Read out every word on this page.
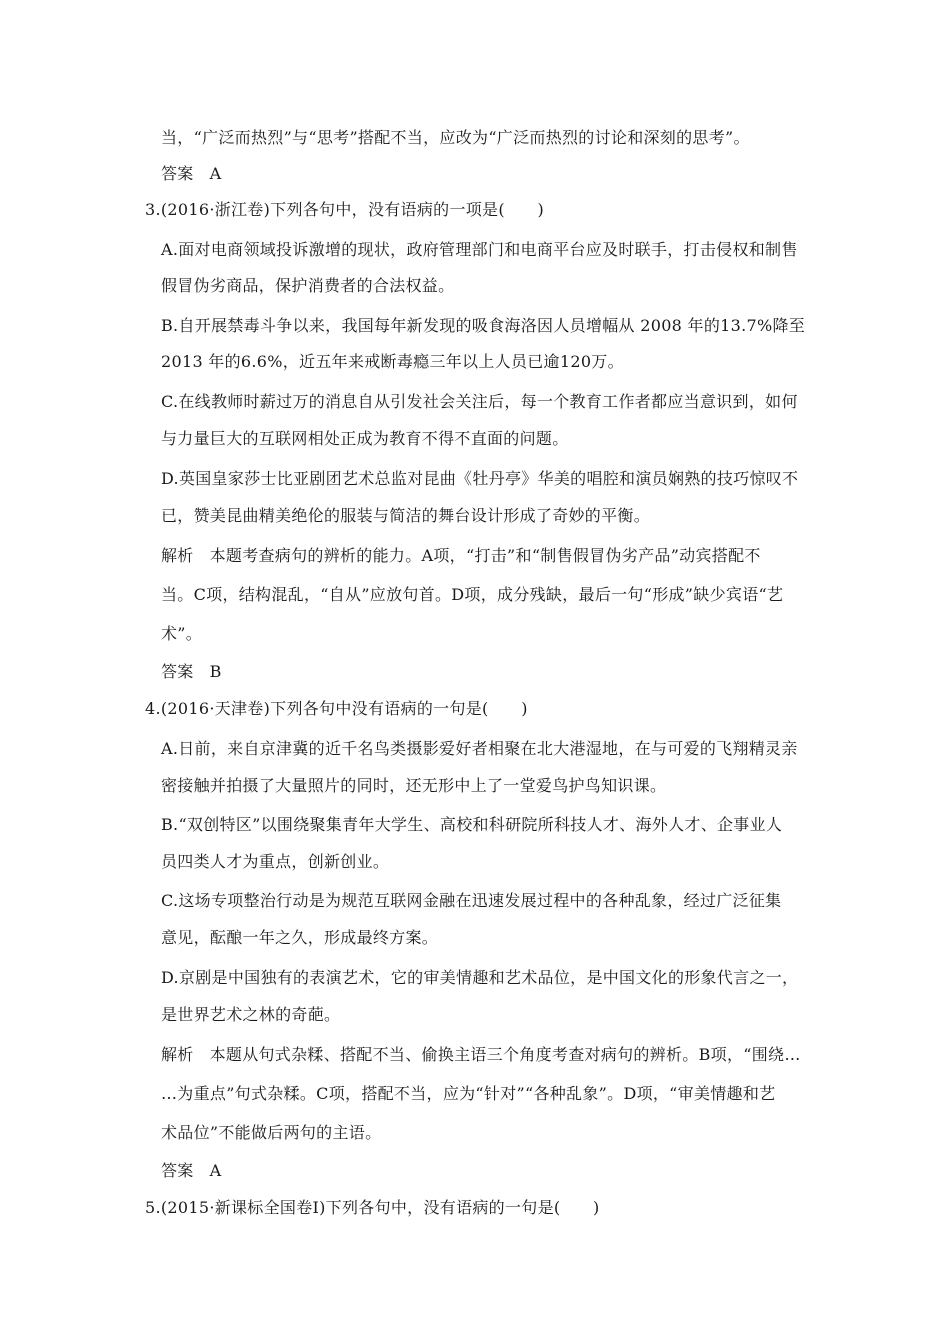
当，“广泛而热烈”与“思考”搭配不当，应改为“广泛而热烈的讨论和深刻的思考”。
答案 A
3.(2016·浙江卷)下列各句中，没有语病的一项是(　　)
A.面对电商领域投诉激增的现状，政府管理部门和电商平台应及时联手，打击侵权和制售
假冒伪劣商品，保护消费者的合法权益。
B.自开展禁毒斗争以来，我国每年新发现的吸食海洛因人员增幅从 2008 年的13.7%降至
2013 年的6.6%，近五年来戒断毒瘾三年以上人员已逾120万。
C.在线教师时薪过万的消息自从引发社会关注后，每一个教育工作者都应当意识到，如何
与力量巨大的互联网相处正成为教育不得不直面的问题。
D.英国皇家莎士比亚剧团艺术总监对昆曲《牡丹亭》华美的唱腔和演员娴熟的技巧惊叹不
已，赞美昆曲精美绝伦的服装与简洁的舞台设计形成了奇妙的平衡。
解析 本题考查病句的辨析的能力。A项，“打击”和“制售假冒伪劣产品”动宾搭配不
当。C项，结构混乱，“自从”应放句首。D项，成分残缺，最后一句“形成”缺少宾语“艺
术”。
答案 B
4.(2016·天津卷)下列各句中没有语病的一句是(　　)
A.日前，来自京津冀的近千名鸟类摄影爱好者相聚在北大港湿地，在与可爱的飞翔精灵亲
密接触并拍摄了大量照片的同时，还无形中上了一堂爱鸟护鸟知识课。
B.“双创特区”以围绕聚集青年大学生、高校和科研院所科技人才、海外人才、企事业人
员四类人才为重点，创新创业。
C.这场专项整治行动是为规范互联网金融在迅速发展过程中的各种乱象，经过广泛征集
意见，酝酿一年之久，形成最终方案。
D.京剧是中国独有的表演艺术，它的审美情趣和艺术品位，是中国文化的形象代言之一，
是世界艺术之林的奇葩。
解析 本题从句式杂糅、搭配不当、偷换主语三个角度考查对病句的辨析。B项，“围绕…
…为重点”句式杂糅。C项，搭配不当，应为“针对”“各种乱象”。D项，“审美情趣和艺
术品位”不能做后两句的主语。
答案 A
5.(2015·新课标全国卷Ⅰ)下列各句中，没有语病的一句是(　　)
